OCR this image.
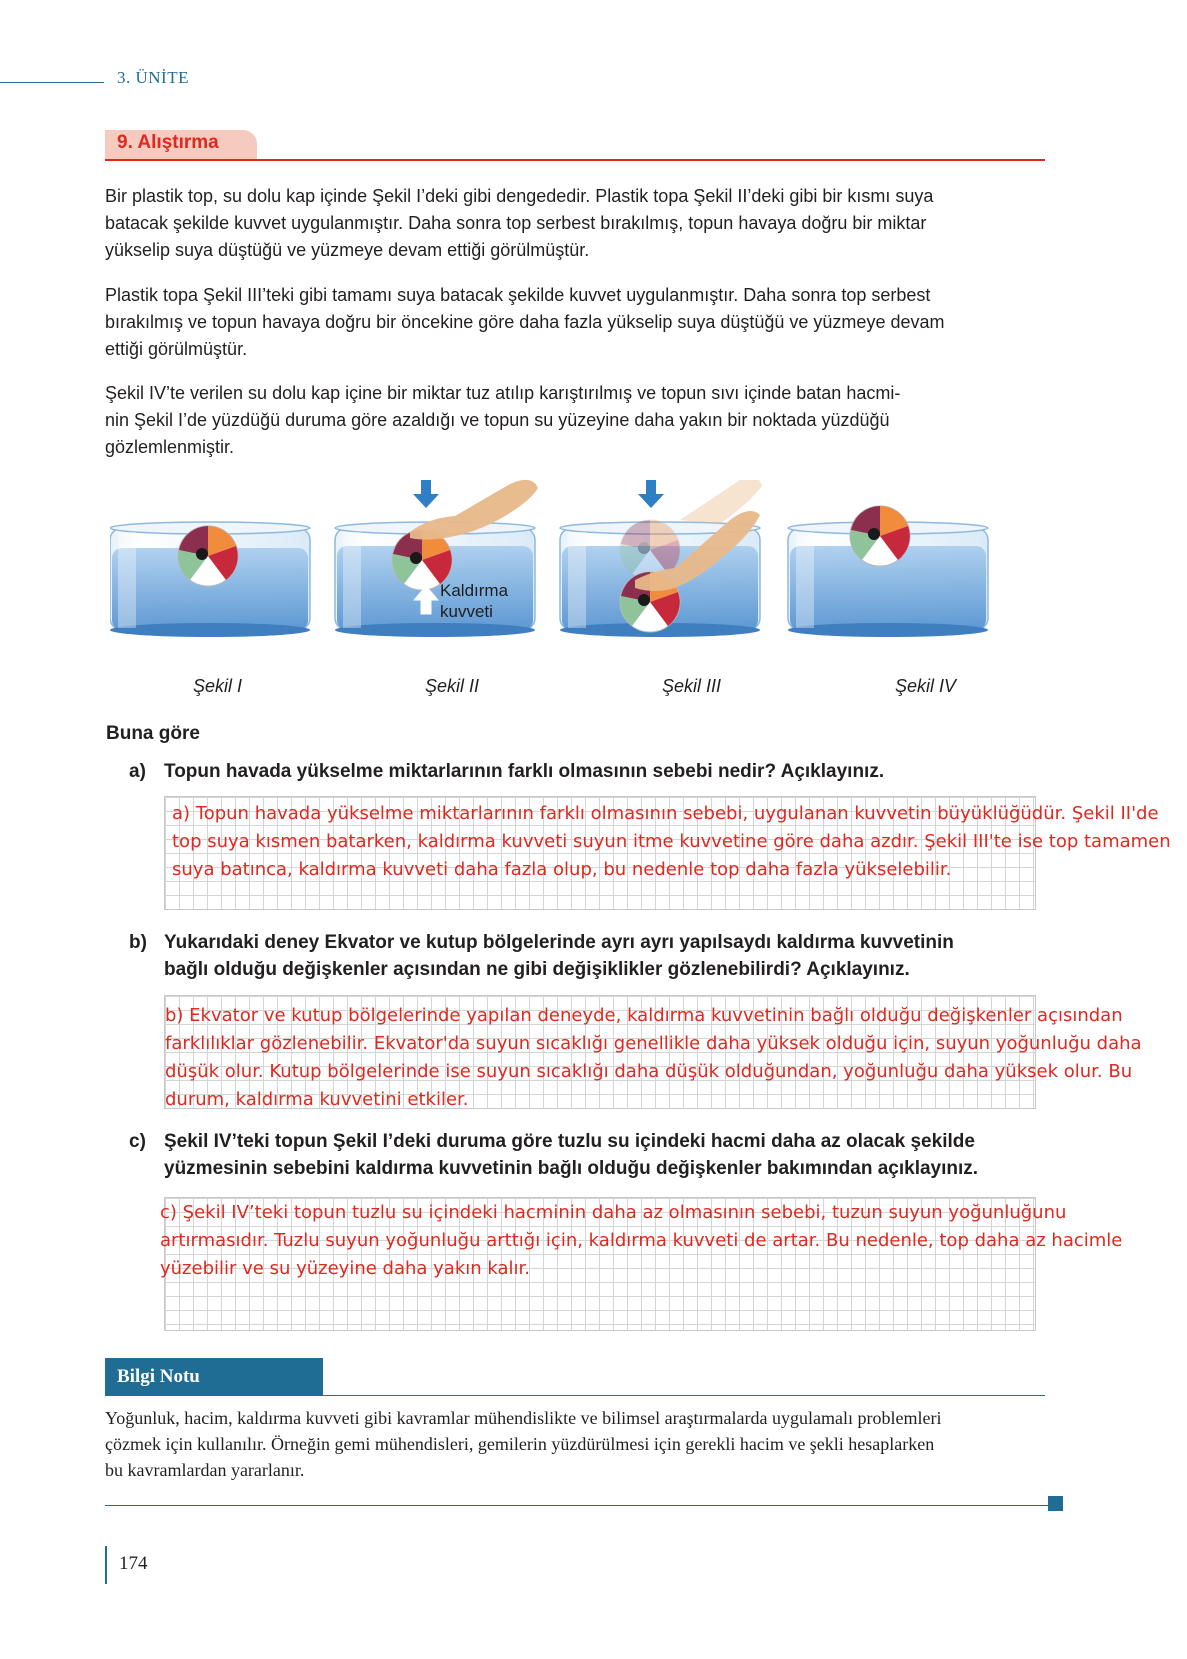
3. ÜNİTE
9. Alıştırma
Bir plastik top, su dolu kap içinde Şekil I’deki gibi dengededir. Plastik topa Şekil II’deki gibi bir kısmı suya
batacak şekilde kuvvet uygulanmıştır. Daha sonra top serbest bırakılmış, topun havaya doğru bir miktar
yükselip suya düştüğü ve yüzmeye devam ettiği görülmüştür.
Plastik topa Şekil III’teki gibi tamamı suya batacak şekilde kuvvet uygulanmıştır. Daha sonra top serbest
bırakılmış ve topun havaya doğru bir öncekine göre daha fazla yükselip suya düştüğü ve yüzmeye devam
ettiği görülmüştür.
Şekil IV’te verilen su dolu kap içine bir miktar tuz atılıp karıştırılmış ve topun sıvı içinde batan hacmi-
nin Şekil I’de yüzdüğü duruma göre azaldığı ve topun su yüzeyine daha yakın bir noktada yüzdüğü
gözlemlenmiştir.
Kaldırma
kuvveti
Şekil I	Şekil II	Şekil III	Şekil IV
Buna göre
a) Topun havada yükselme miktarlarının farklı olmasının sebebi nedir? Açıklayınız.
a) Topun havada yükselme miktarlarının farklı olmasının sebebi, uygulanan kuvvetin büyüklüğüdür. Şekil II'de
top suya kısmen batarken, kaldırma kuvveti suyun itme kuvvetine göre daha azdır. Şekil III'te ise top tamamen
suya batınca, kaldırma kuvveti daha fazla olup, bu nedenle top daha fazla yükselebilir.
b) Yukarıdaki deney Ekvator ve kutup bölgelerinde ayrı ayrı yapılsaydı kaldırma kuvvetinin
bağlı olduğu değişkenler açısından ne gibi değişiklikler gözlenebilirdi? Açıklayınız.
b) Ekvator ve kutup bölgelerinde yapılan deneyde, kaldırma kuvvetinin bağlı olduğu değişkenler açısından
farklılıklar gözlenebilir. Ekvator'da suyun sıcaklığı genellikle daha yüksek olduğu için, suyun yoğunluğu daha
düşük olur. Kutup bölgelerinde ise suyun sıcaklığı daha düşük olduğundan, yoğunluğu daha yüksek olur. Bu
durum, kaldırma kuvvetini etkiler.
c) Şekil IV’teki topun Şekil I’deki duruma göre tuzlu su içindeki hacmi daha az olacak şekilde
yüzmesinin sebebini kaldırma kuvvetinin bağlı olduğu değişkenler bakımından açıklayınız.
c) Şekil IV’teki topun tuzlu su içindeki hacminin daha az olmasının sebebi, tuzun suyun yoğunluğunu
artırmasıdır. Tuzlu suyun yoğunluğu arttığı için, kaldırma kuvveti de artar. Bu nedenle, top daha az hacimle
yüzebilir ve su yüzeyine daha yakın kalır.
Bilgi Notu
Yoğunluk, hacim, kaldırma kuvveti gibi kavramlar mühendislikte ve bilimsel araştırmalarda uygulamalı problemleri
çözmek için kullanılır. Örneğin gemi mühendisleri, gemilerin yüzdürülmesi için gerekli hacim ve şekli hesaplarken
bu kavramlardan yararlanır.
174
